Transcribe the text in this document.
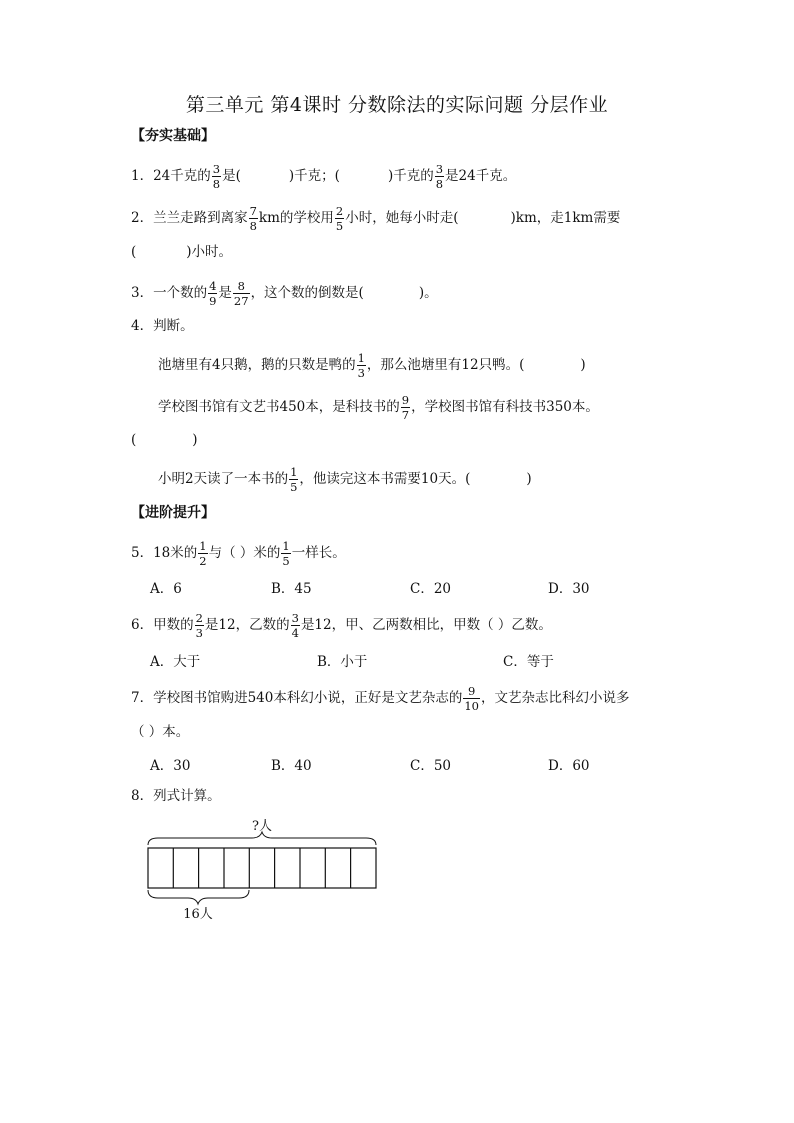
第三单元 第4课时 分数除法的实际问题 分层作业
【夯实基础】
1．24千克的 $\frac{3}{8}$ 是(	)千克；(	)千克的 $\frac{3}{8}$ 是24千克。
2．兰兰走路到离家 $\frac{7}{8}$ km的学校用 $\frac{2}{5}$ 小时，她每小时走(	)km，走1km需要
(	)小时。
3．一个数的 $\frac{4}{9}$ 是 $\frac{8}{27}$ ，这个数的倒数是(	)。
4．判断。
池塘里有4只鹅，鹅的只数是鸭的 $\frac{1}{3}$ ，那么池塘里有12只鸭。(	)
学校图书馆有文艺书450本，是科技书的 $\frac{9}{7}$ ，学校图书馆有科技书350本。
(	)
小明2天读了一本书的 $\frac{1}{5}$ ，他读完这本书需要10天。(	)
【进阶提升】
5．18米的 $\frac{1}{2}$ 与（ ）米的 $\frac{1}{5}$ 一样长。
A．6	B．45	C．20	D．30
6．甲数的 $\frac{2}{3}$ 是12，乙数的 $\frac{3}{4}$ 是12，甲、乙两数相比，甲数（ ）乙数。
A．大于	B．小于	C．等于
7．学校图书馆购进540本科幻小说，正好是文艺杂志的 $\frac{9}{10}$ ，文艺杂志比科幻小说多
（ ）本。
A．30	B．40	C．50	D．60
8．列式计算。
?人
16人
